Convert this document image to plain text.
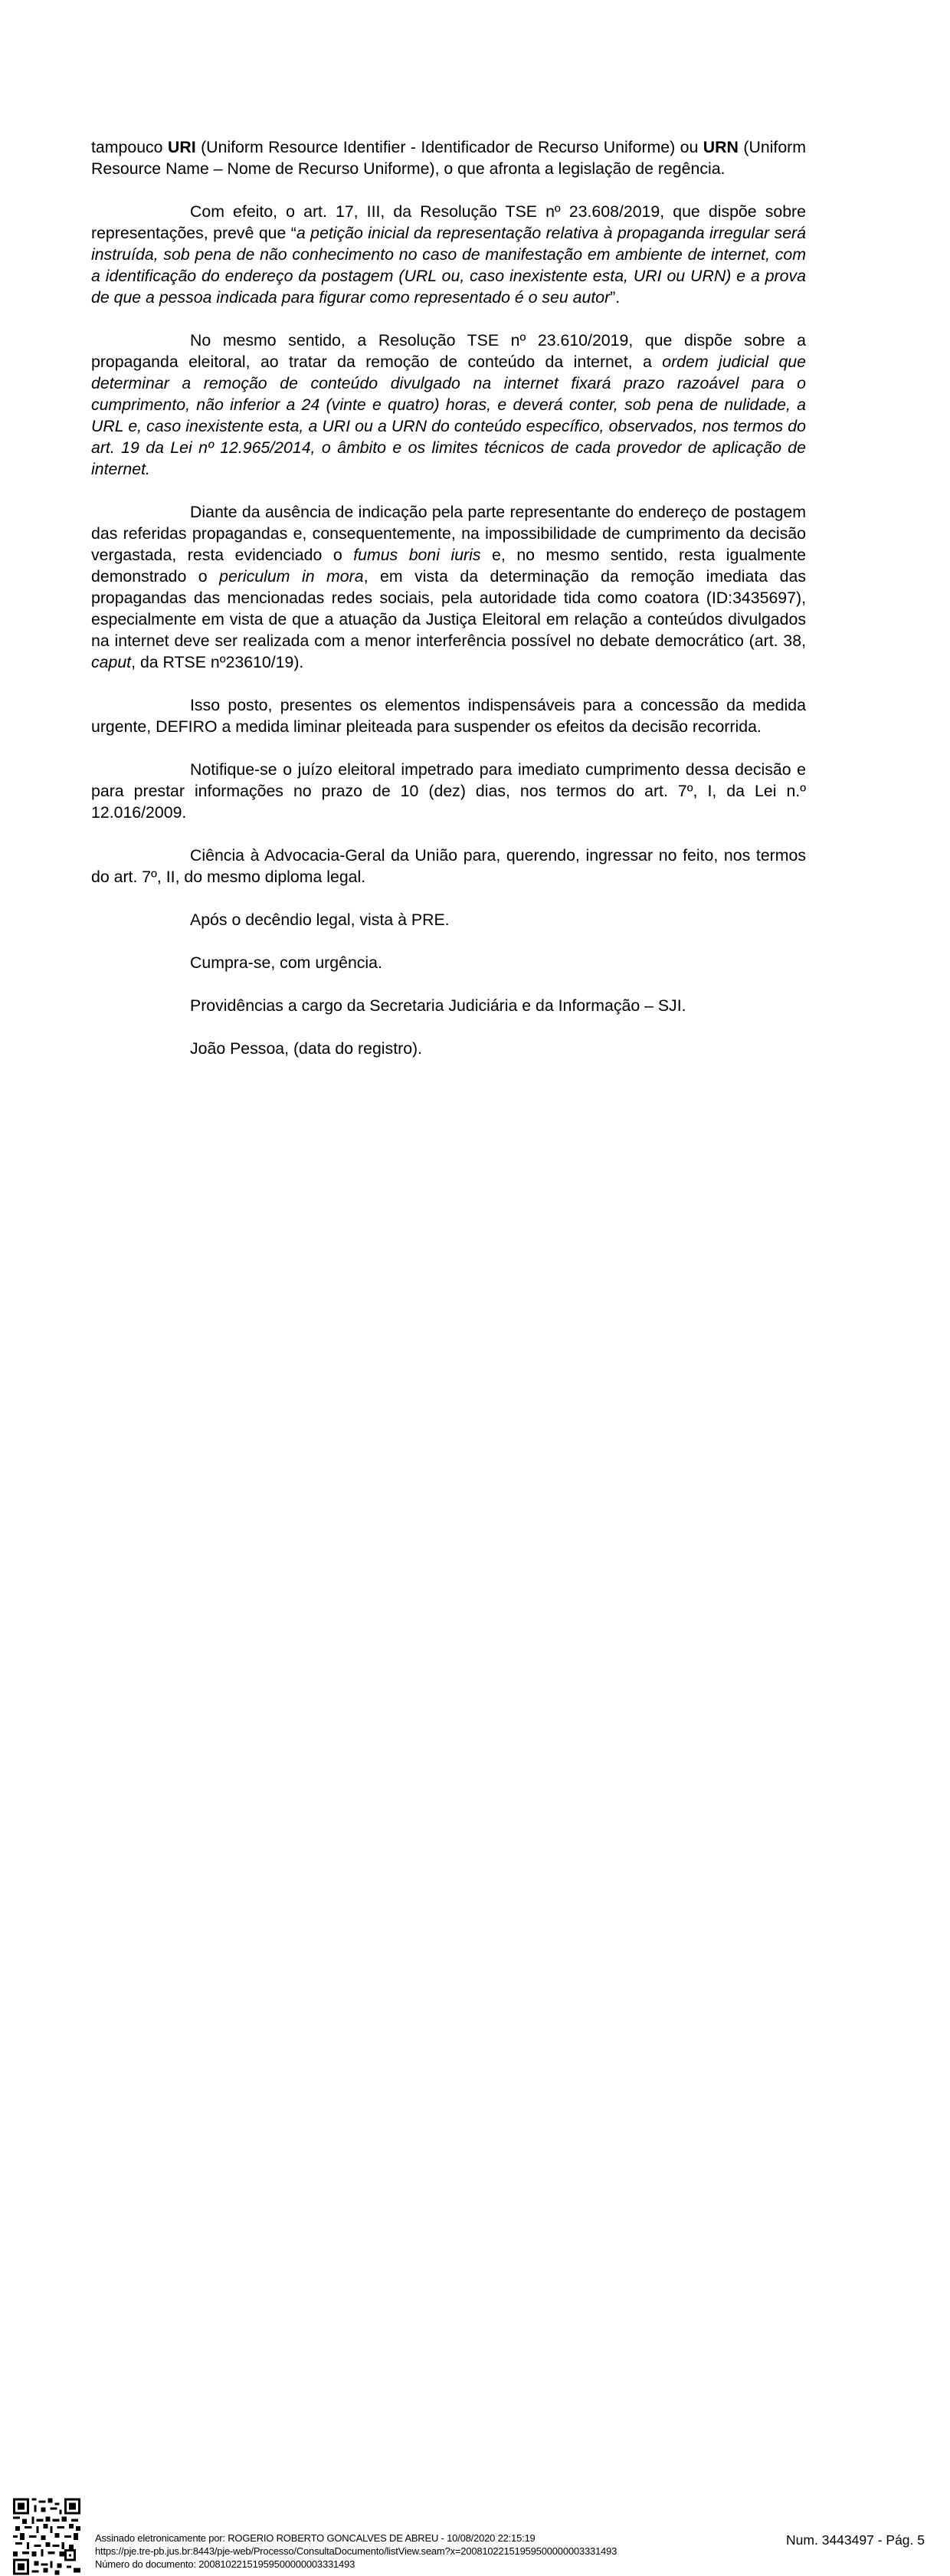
tampouco URI (Uniform Resource Identifier - Identificador de Recurso Uniforme) ou URN (Uniform Resource Name – Nome de Recurso Uniforme), o que afronta a legislação de regência.

Com efeito, o art. 17, III, da Resolução TSE nº 23.608/2019, que dispõe sobre representações, prevê que “a petição inicial da representação relativa à propaganda irregular será instruída, sob pena de não conhecimento no caso de manifestação em ambiente de internet, com a identificação do endereço da postagem (URL ou, caso inexistente esta, URI ou URN) e a prova de que a pessoa indicada para figurar como representado é o seu autor”.

No mesmo sentido, a Resolução TSE nº 23.610/2019, que dispõe sobre a propaganda eleitoral, ao tratar da remoção de conteúdo da internet, a ordem judicial que determinar a remoção de conteúdo divulgado na internet fixará prazo razoável para o cumprimento, não inferior a 24 (vinte e quatro) horas, e deverá conter, sob pena de nulidade, a URL e, caso inexistente esta, a URI ou a URN do conteúdo específico, observados, nos termos do art. 19 da Lei nº 12.965/2014, o âmbito e os limites técnicos de cada provedor de aplicação de internet.

Diante da ausência de indicação pela parte representante do endereço de postagem das referidas propagandas e, consequentemente, na impossibilidade de cumprimento da decisão vergastada, resta evidenciado o fumus boni iuris e, no mesmo sentido, resta igualmente demonstrado o periculum in mora, em vista da determinação da remoção imediata das propagandas das mencionadas redes sociais, pela autoridade tida como coatora (ID:3435697), especialmente em vista de que a atuação da Justiça Eleitoral em relação a conteúdos divulgados na internet deve ser realizada com a menor interferência possível no debate democrático (art. 38, caput, da RTSE nº23610/19).

Isso posto, presentes os elementos indispensáveis para a concessão da medida urgente, DEFIRO a medida liminar pleiteada para suspender os efeitos da decisão recorrida.

Notifique-se o juízo eleitoral impetrado para imediato cumprimento dessa decisão e para prestar informações no prazo de 10 (dez) dias, nos termos do art. 7º, I, da Lei n.º 12.016/2009.

Ciência à Advocacia-Geral da União para, querendo, ingressar no feito, nos termos do art. 7º, II, do mesmo diploma legal.

Após o decêndio legal, vista à PRE.

Cumpra-se, com urgência.

Providências a cargo da Secretaria Judiciária e da Informação – SJI.

João Pessoa, (data do registro).

Assinado eletronicamente por: ROGERIO ROBERTO GONCALVES DE ABREU - 10/08/2020 22:15:19
https://pje.tre-pb.jus.br:8443/pje-web/Processo/ConsultaDocumento/listView.seam?x=20081022151959500000003331493
Número do documento: 20081022151959500000003331493
Num. 3443497 - Pág. 5
